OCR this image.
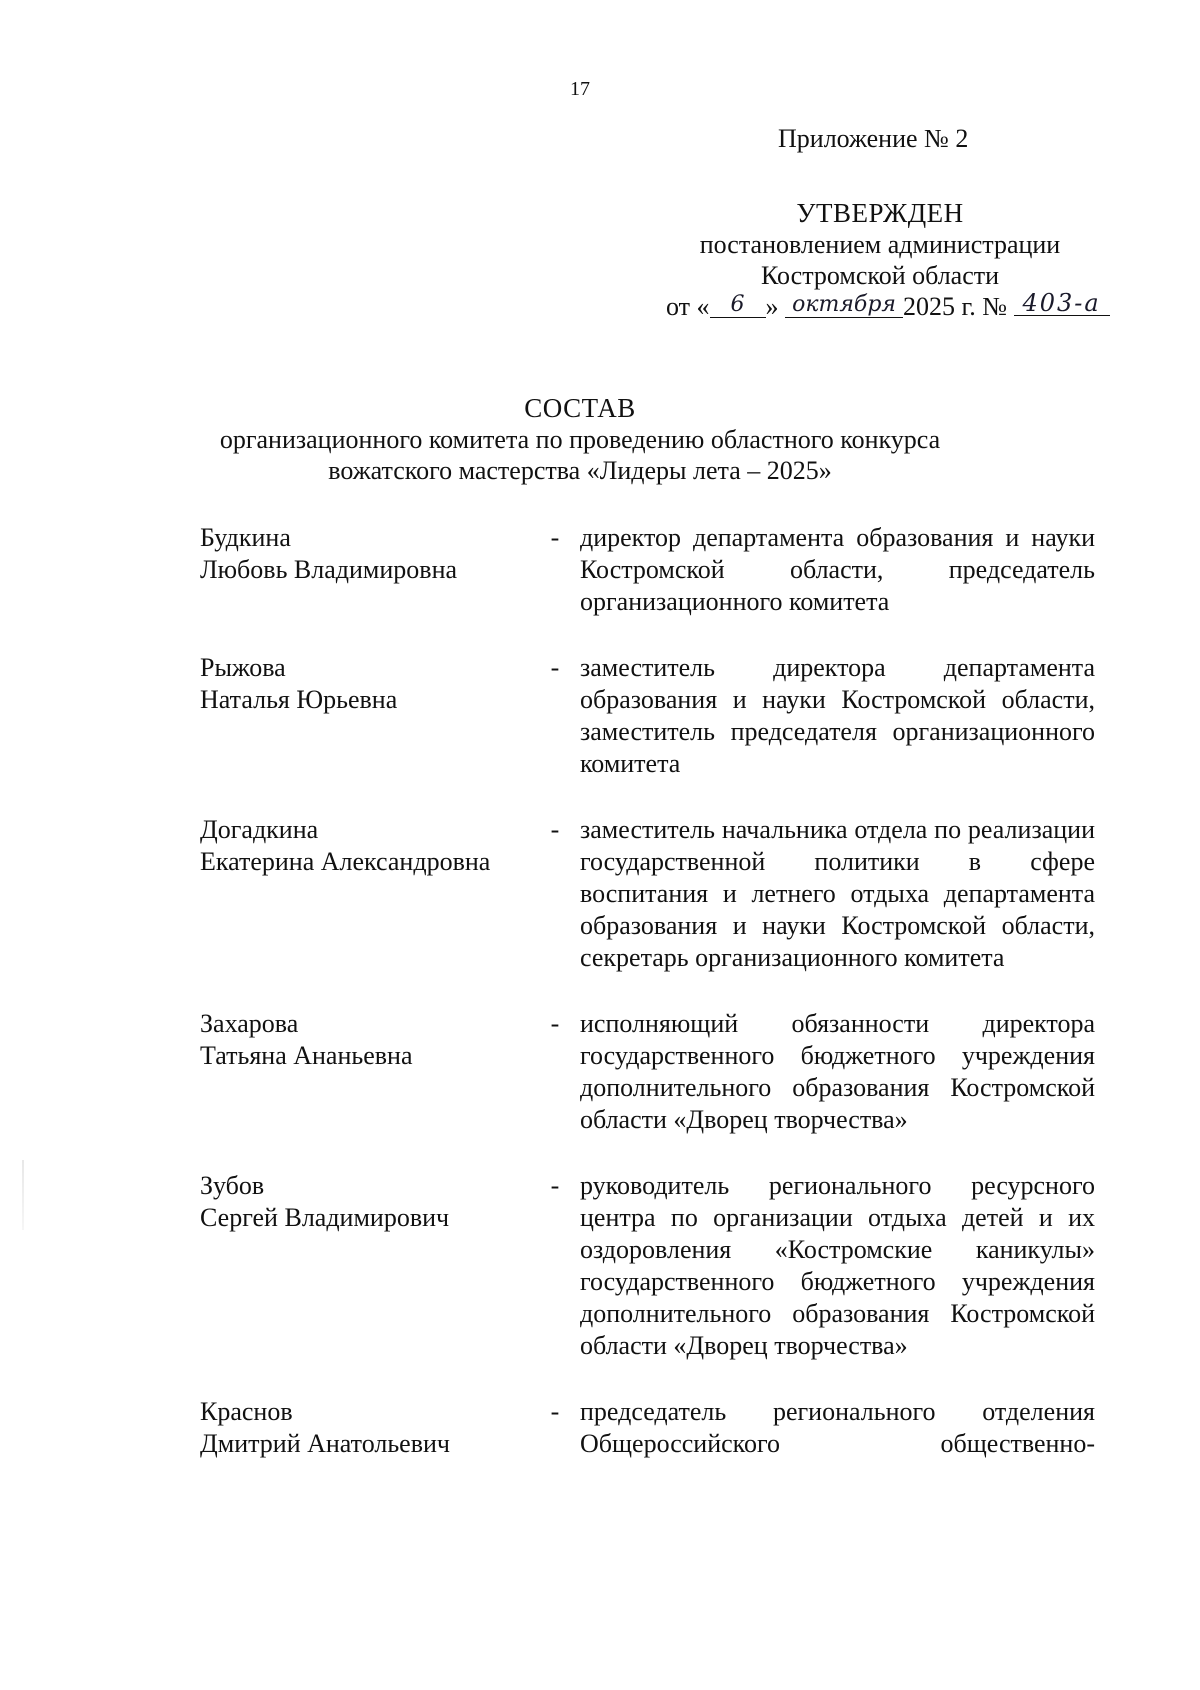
17
Приложение № 2
УТВЕРЖДЕН
постановлением администрации
Костромской области
от « 6 » октября 2025 г. № 403-а
СОСТАВ
организационного комитета по проведению областного конкурса
вожатского мастерства «Лидеры лета – 2025»
Будкина
Любовь Владимировна
- директор департамента образования и науки Костромской области, председатель организационного комитета
Рыжова
Наталья Юрьевна
- заместитель директора департамента образования и науки Костромской области, заместитель председателя организационного комитета
Догадкина
Екатерина Александровна
- заместитель начальника отдела по реализации государственной политики в сфере воспитания и летнего отдыха департамента образования и науки Костромской области, секретарь организационного комитета
Захарова
Татьяна Ананьевна
- исполняющий обязанности директора государственного бюджетного учреждения дополнительного образования Костромской области «Дворец творчества»
Зубов
Сергей Владимирович
- руководитель регионального ресурсного центра по организации отдыха детей и их оздоровления «Костромские каникулы» государственного бюджетного учреждения дополнительного образования Костромской области «Дворец творчества»
Краснов
Дмитрий Анатольевич
- председатель регионального отделения Общероссийского общественно-
